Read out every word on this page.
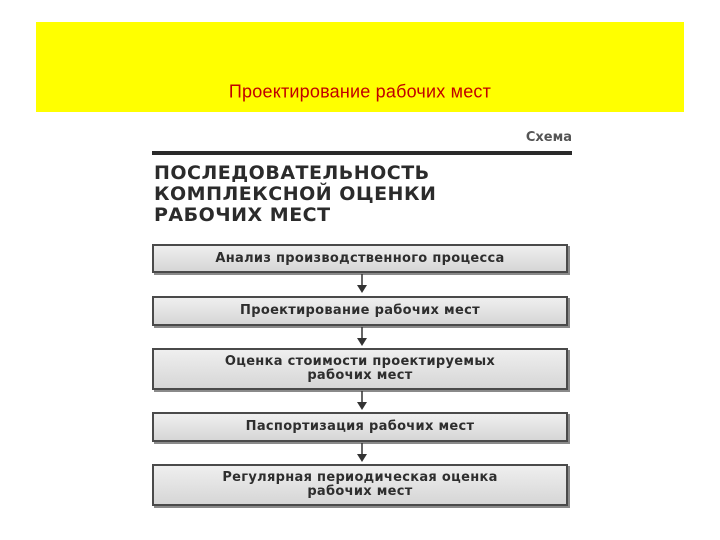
Проектирование рабочих мест
Схема
ПОСЛЕДОВАТЕЛЬНОСТЬ
КОМПЛЕКСНОЙ ОЦЕНКИ
РАБОЧИХ МЕСТ
Анализ производственного процесса
Проектирование рабочих мест
Оценка стоимости проектируемых
рабочих мест
Паспортизация рабочих мест
Регулярная периодическая оценка
рабочих мест
